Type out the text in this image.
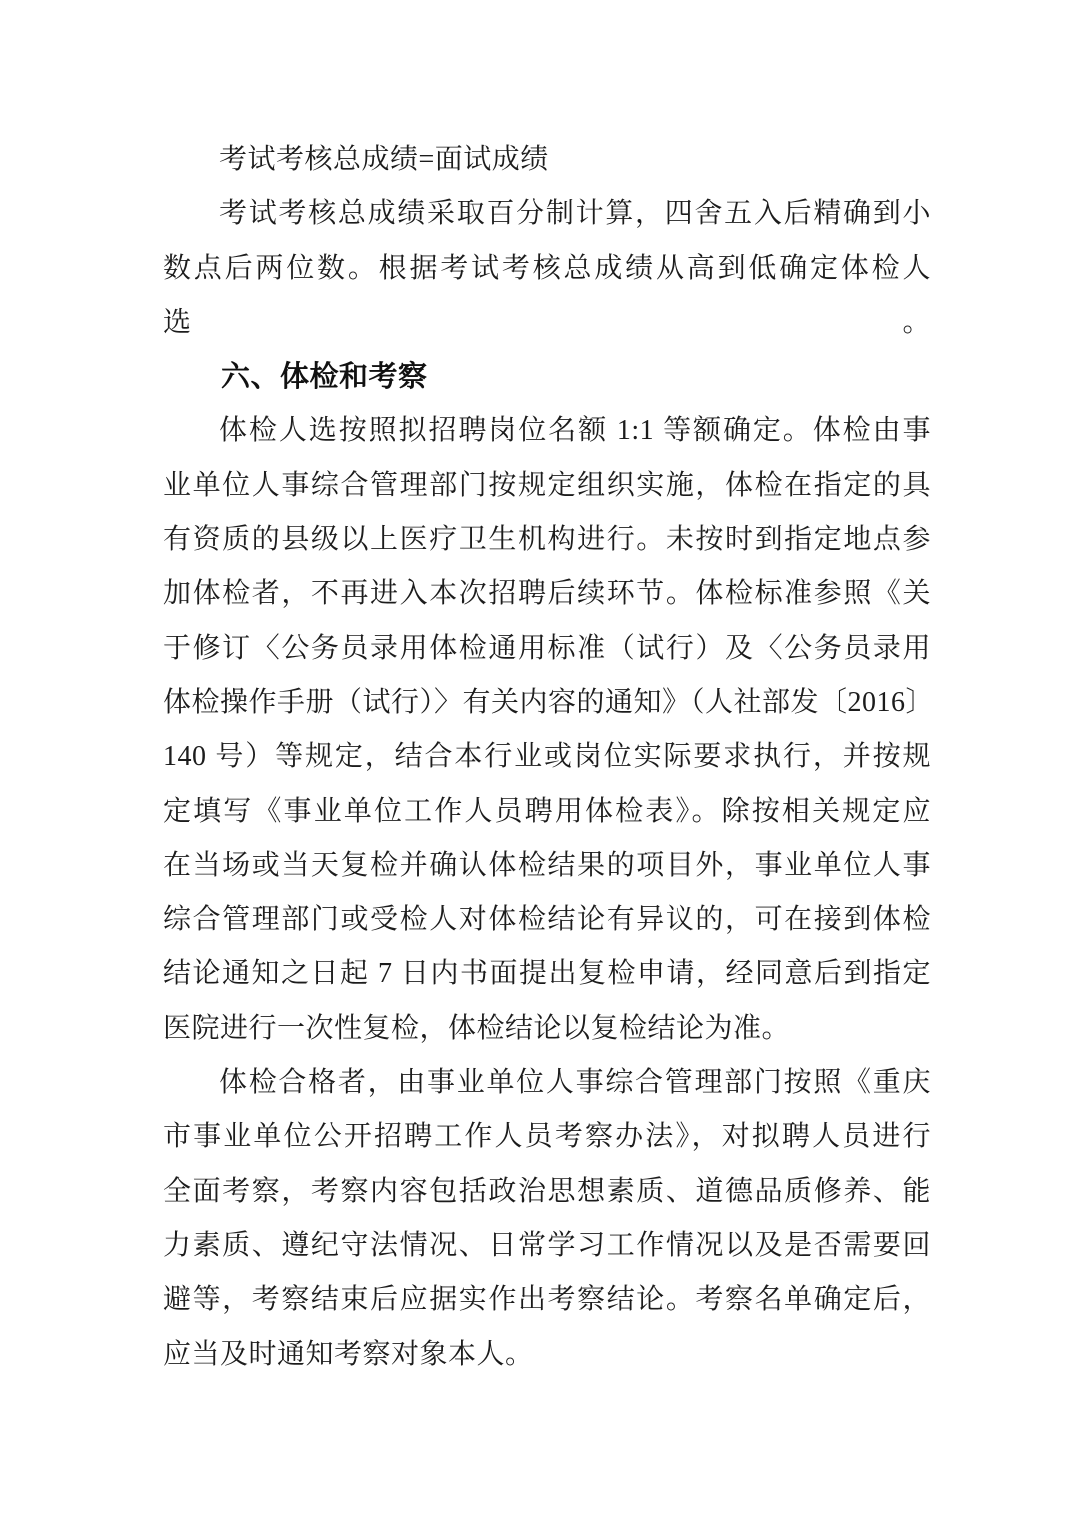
考试考核总成绩=面试成绩
考试考核总成绩采取百分制计算，四舍五入后精确到小
数点后两位数。根据考试考核总成绩从高到低确定体检人选。
六、体检和考察
体检人选按照拟招聘岗位名额 1:1 等额确定。体检由事
业单位人事综合管理部门按规定组织实施，体检在指定的具
有资质的县级以上医疗卫生机构进行。未按时到指定地点参
加体检者，不再进入本次招聘后续环节。体检标准参照《关
于修订〈公务员录用体检通用标准（试行）及〈公务员录用
体检操作手册（试行）〉有关内容的通知》（人社部发〔2016〕
140 号）等规定，结合本行业或岗位实际要求执行，并按规
定填写《事业单位工作人员聘用体检表》。除按相关规定应
在当场或当天复检并确认体检结果的项目外，事业单位人事
综合管理部门或受检人对体检结论有异议的，可在接到体检
结论通知之日起 7 日内书面提出复检申请，经同意后到指定
医院进行一次性复检，体检结论以复检结论为准。
体检合格者，由事业单位人事综合管理部门按照《重庆
市事业单位公开招聘工作人员考察办法》，对拟聘人员进行
全面考察，考察内容包括政治思想素质、道德品质修养、能
力素质、遵纪守法情况、日常学习工作情况以及是否需要回
避等，考察结束后应据实作出考察结论。考察名单确定后，
应当及时通知考察对象本人。
